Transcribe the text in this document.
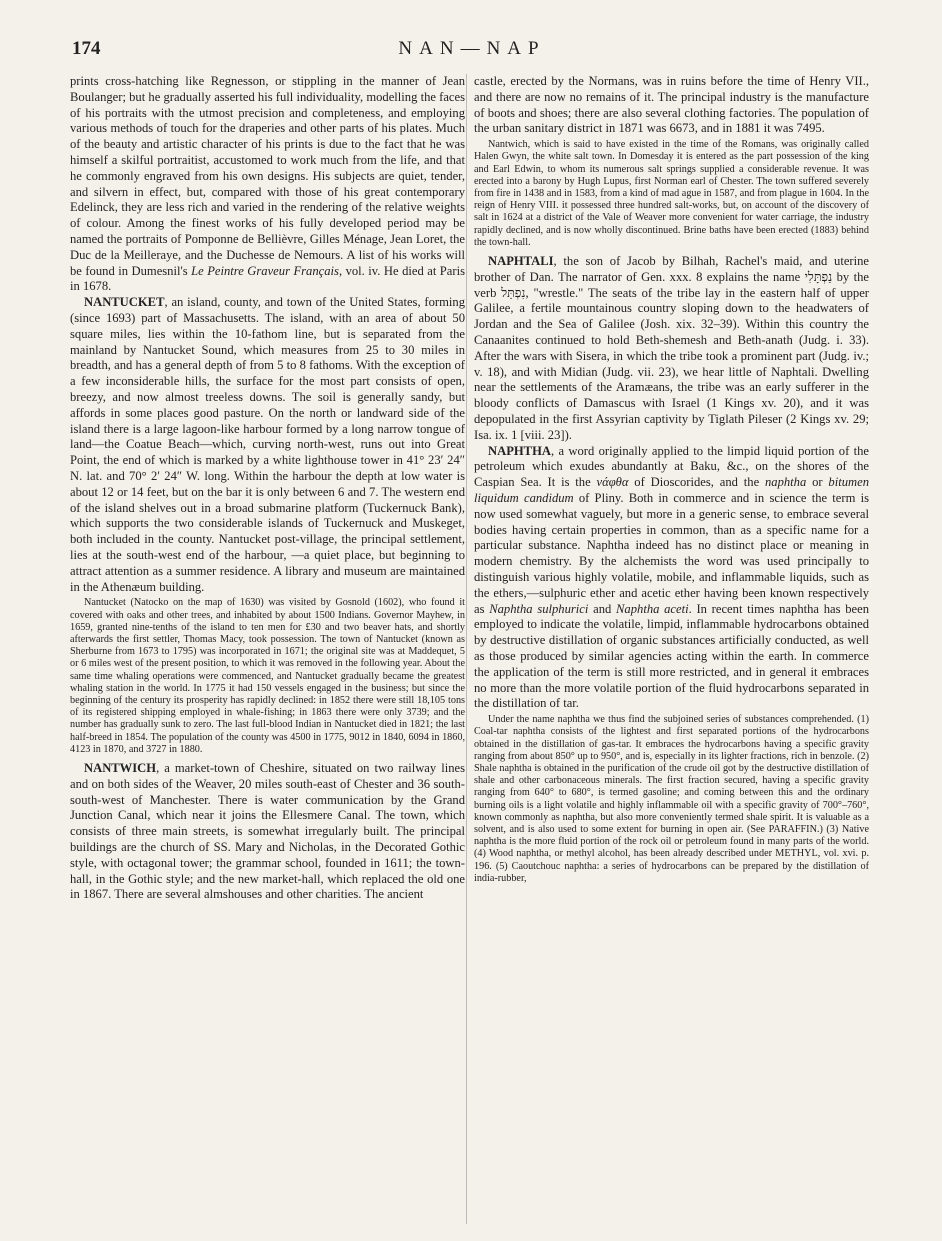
174	NAN—NAP

prints cross-hatching like Regnesson, or stippling in the manner of Jean Boulanger; but he gradually asserted his full individuality, modelling the faces of his portraits with the utmost precision and completeness, and employing various methods of touch for the draperies and other parts of his plates. Much of the beauty and artistic character of his prints is due to the fact that he was himself a skilful portraitist, accustomed to work much from the life, and that he commonly engraved from his own designs. His subjects are quiet, tender, and silvern in effect, but, compared with those of his great contemporary Edelinck, they are less rich and varied in the rendering of the relative weights of colour. Among the finest works of his fully developed period may be named the portraits of Pomponne de Bellièvre, Gilles Ménage, Jean Loret, the Duc de la Meilleraye, and the Duchesse de Nemours. A list of his works will be found in Dumesnil's Le Peintre Graveur Français, vol. iv. He died at Paris in 1678.

NANTUCKET, an island, county, and town of the United States, forming (since 1693) part of Massachusetts. The island, with an area of about 50 square miles, lies within the 10-fathom line, but is separated from the mainland by Nantucket Sound, which measures from 25 to 30 miles in breadth, and has a general depth of from 5 to 8 fathoms. With the exception of a few inconsiderable hills, the surface for the most part consists of open, breezy, and now almost treeless downs. The soil is generally sandy, but affords in some places good pasture. On the north or landward side of the island there is a large lagoon-like harbour formed by a long narrow tongue of land—the Coatue Beach—which, curving north-west, runs out into Great Point, the end of which is marked by a white lighthouse tower in 41° 23′ 24″ N. lat. and 70° 2′ 24″ W. long. Within the harbour the depth at low water is about 12 or 14 feet, but on the bar it is only between 6 and 7. The western end of the island shelves out in a broad submarine platform (Tuckernuck Bank), which supports the two considerable islands of Tuckernuck and Muskeget, both included in the county. Nantucket post-village, the principal settlement, lies at the south-west end of the harbour, —a quiet place, but beginning to attract attention as a summer residence. A library and museum are maintained in the Athenæum building.

Nantucket (Natocko on the map of 1630) was visited by Gosnold (1602), who found it covered with oaks and other trees, and inhabited by about 1500 Indians. Governor Mayhew, in 1659, granted nine-tenths of the island to ten men for £30 and two beaver hats, and shortly afterwards the first settler, Thomas Macy, took possession. The town of Nantucket (known as Sherburne from 1673 to 1795) was incorporated in 1671; the original site was at Maddequet, 5 or 6 miles west of the present position, to which it was removed in the following year. About the same time whaling operations were commenced, and Nantucket gradually became the greatest whaling station in the world. In 1775 it had 150 vessels engaged in the business; but since the beginning of the century its prosperity has rapidly declined: in 1852 there were still 18,105 tons of its registered shipping employed in whale-fishing; in 1863 there were only 3739; and the number has gradually sunk to zero. The last full-blood Indian in Nantucket died in 1821; the last half-breed in 1854. The population of the county was 4500 in 1775, 9012 in 1840, 6094 in 1860, 4123 in 1870, and 3727 in 1880.

NANTWICH, a market-town of Cheshire, situated on two railway lines and on both sides of the Weaver, 20 miles south-east of Chester and 36 south-south-west of Manchester. There is water communication by the Grand Junction Canal, which near it joins the Ellesmere Canal. The town, which consists of three main streets, is somewhat irregularly built. The principal buildings are the church of SS. Mary and Nicholas, in the Decorated Gothic style, with octagonal tower; the grammar school, founded in 1611; the town-hall, in the Gothic style; and the new market-hall, which replaced the old one in 1867. There are several almshouses and other charities. The ancient

castle, erected by the Normans, was in ruins before the time of Henry VII., and there are now no remains of it. The principal industry is the manufacture of boots and shoes; there are also several clothing factories. The population of the urban sanitary district in 1871 was 6673, and in 1881 it was 7495.

Nantwich, which is said to have existed in the time of the Romans, was originally called Halen Gwyn, the white salt town. In Domesday it is entered as the part possession of the king and Earl Edwin, to whom its numerous salt springs supplied a considerable revenue. It was erected into a barony by Hugh Lupus, first Norman earl of Chester. The town suffered severely from fire in 1438 and in 1583, from a kind of mad ague in 1587, and from plague in 1604. In the reign of Henry VIII. it possessed three hundred salt-works, but, on account of the discovery of salt in 1624 at a district of the Vale of Weaver more convenient for water carriage, the industry rapidly declined, and is now wholly discontinued. Brine baths have been erected (1883) behind the town-hall.

NAPHTALI, the son of Jacob by Bilhah, Rachel's maid, and uterine brother of Dan. The narrator of Gen. xxx. 8 explains the name נַפְתָּלִי by the verb נִפְתַּל, "wrestle." The seats of the tribe lay in the eastern half of upper Galilee, a fertile mountainous country sloping down to the headwaters of Jordan and the Sea of Galilee (Josh. xix. 32–39). Within this country the Canaanites continued to hold Beth-shemesh and Beth-anath (Judg. i. 33). After the wars with Sisera, in which the tribe took a prominent part (Judg. iv.; v. 18), and with Midian (Judg. vii. 23), we hear little of Naphtali. Dwelling near the settlements of the Aramæans, the tribe was an early sufferer in the bloody conflicts of Damascus with Israel (1 Kings xv. 20), and it was depopulated in the first Assyrian captivity by Tiglath Pileser (2 Kings xv. 29; Isa. ix. 1 [viii. 23]).

NAPHTHA, a word originally applied to the limpid liquid portion of the petroleum which exudes abundantly at Baku, &c., on the shores of the Caspian Sea. It is the νάφθα of Dioscorides, and the naphtha or bitumen liquidum candidum of Pliny. Both in commerce and in science the term is now used somewhat vaguely, but more in a generic sense, to embrace several bodies having certain properties in common, than as a specific name for a particular substance. Naphtha indeed has no distinct place or meaning in modern chemistry. By the alchemists the word was used principally to distinguish various highly volatile, mobile, and inflammable liquids, such as the ethers,—sulphuric ether and acetic ether having been known respectively as Naphtha sulphurici and Naphtha aceti. In recent times naphtha has been employed to indicate the volatile, limpid, inflammable hydrocarbons obtained by destructive distillation of organic substances artificially conducted, as well as those produced by similar agencies acting within the earth. In commerce the application of the term is still more restricted, and in general it embraces no more than the more volatile portion of the fluid hydrocarbons separated in the distillation of tar.

Under the name naphtha we thus find the subjoined series of substances comprehended. (1) Coal-tar naphtha consists of the lightest and first separated portions of the hydrocarbons obtained in the distillation of gas-tar. It embraces the hydrocarbons having a specific gravity ranging from about 850° up to 950°, and is, especially in its lighter fractions, rich in benzole. (2) Shale naphtha is obtained in the purification of the crude oil got by the destructive distillation of shale and other carbonaceous minerals. The first fraction secured, having a specific gravity ranging from 640° to 680°, is termed gasoline; and coming between this and the ordinary burning oils is a light volatile and highly inflammable oil with a specific gravity of 700°–760°, known commonly as naphtha, but also more conveniently termed shale spirit. It is valuable as a solvent, and is also used to some extent for burning in open air. (See PARAFFIN.) (3) Native naphtha is the more fluid portion of the rock oil or petroleum found in many parts of the world. (4) Wood naphtha, or methyl alcohol, has been already described under METHYL, vol. xvi. p. 196. (5) Caoutchouc naphtha: a series of hydrocarbons can be prepared by the distillation of india-rubber,
